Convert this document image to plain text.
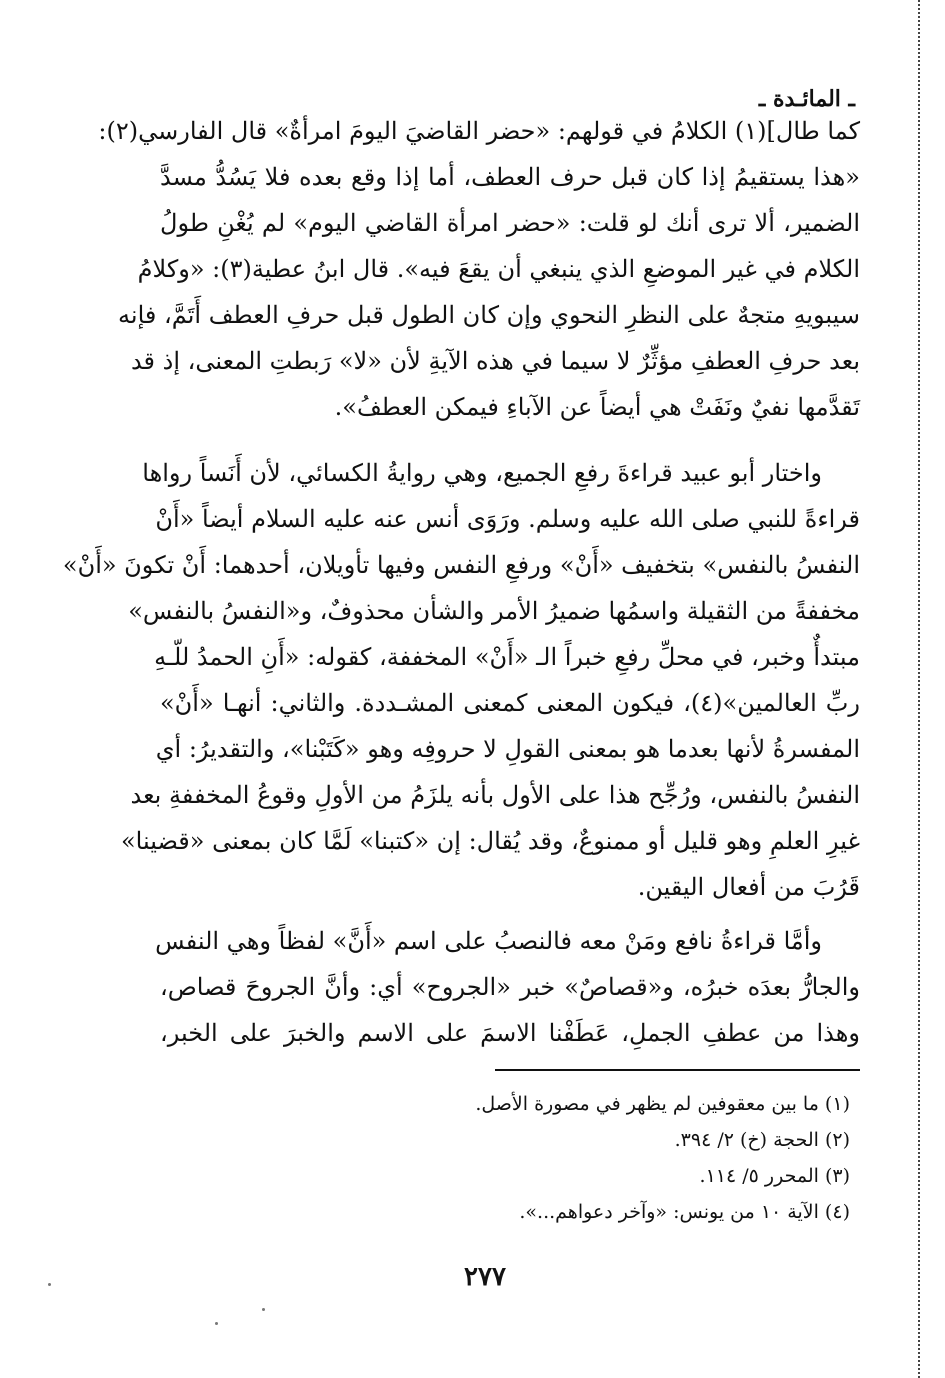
ـ المائـدة ـ
كما طال](١) الكلامُ في قولهم: «حضر القاضيَ اليومَ امرأةٌ» قال الفارسي(٢):
«هذا يستقيمُ إذا كان قبل حرف العطف، أما إذا وقع بعده فلا يَسُدُّ مسدَّ
الضمير، ألا ترى أنك لو قلت: «حضر امرأة القاضي اليوم» لم يُغْنِ طولُ
الكلام في غير الموضعِ الذي ينبغي أن يقعَ فيه». قال ابنُ عطية(٣): «وكلامُ
سيبويهِ متجهٌ على النظرِ النحوي وإن كان الطول قبل حرفِ العطف أَتَمَّ، فإنه
بعد حرفِ العطفِ مؤثِّرٌ لا سيما في هذه الآيةِ لأن «لا» رَبطتِ المعنى، إذ قد
تَقدَّمها نفيٌ ونَفَتْ هي أيضاً عن الآباءِ فيمكن العطفُ».
واختار أبو عبيد قراءةَ رفعِ الجميع، وهي روايةُ الكسائي، لأن أَنَساً رواها
قراءةً للنبي صلى الله عليه وسلم. ورَوَى أنس عنه عليه السلام أيضاً «أَنْ
النفسُ بالنفس» بتخفيف «أَنْ» ورفعِ النفس وفيها تأويلان، أحدهما: أَنْ تكونَ «أَنْ»
مخففةً من الثقيلة واسمُها ضميرُ الأمر والشأن محذوفٌ، و«النفسُ بالنفس»
مبتدأٌ وخبر، في محلِّ رفعِ خبراً الـ «أَنْ» المخففة، كقوله: «أَنِ الحمدُ للّـهِ
ربِّ العالمين»(٤)، فيكون المعنى كمعنى المشـددة. والثاني: أنهـا «أَنْ»
المفسرةُ لأنها بعدما هو بمعنى القولِ لا حروفِه وهو «كَتَبْنا»، والتقديرُ: أي
النفسُ بالنفس، ورُجِّح هذا على الأول بأنه يلزَمُ من الأولِ وقوعُ المخففةِ بعد
غيرِ العلمِ وهو قليل أو ممنوعٌ، وقد يُقال: إن «كتبنا» لَمَّا كان بمعنى «قضينا»
قَرُبَ من أفعال اليقين.
وأمَّا قراءةُ نافع ومَنْ معه فالنصبُ على اسم «أَنَّ» لفظاً وهي النفس
والجارُّ بعدَه خبرُه، و«قصاصٌ» خبر «الجروح» أي: وأنَّ الجروحَ قصاص،
وهذا من عطفِ الجملِ، عَطَفْنا الاسمَ على الاسم والخبرَ على الخبر،
(١) ما بين معقوفين لم يظهر في مصورة الأصل.
(٢) الحجة (خ) ٢/ ٣٩٤.
(٣) المحرر ٥/ ١١٤.
(٤) الآية ١٠ من يونس: «وآخر دعواهم...».
٢٧٧
